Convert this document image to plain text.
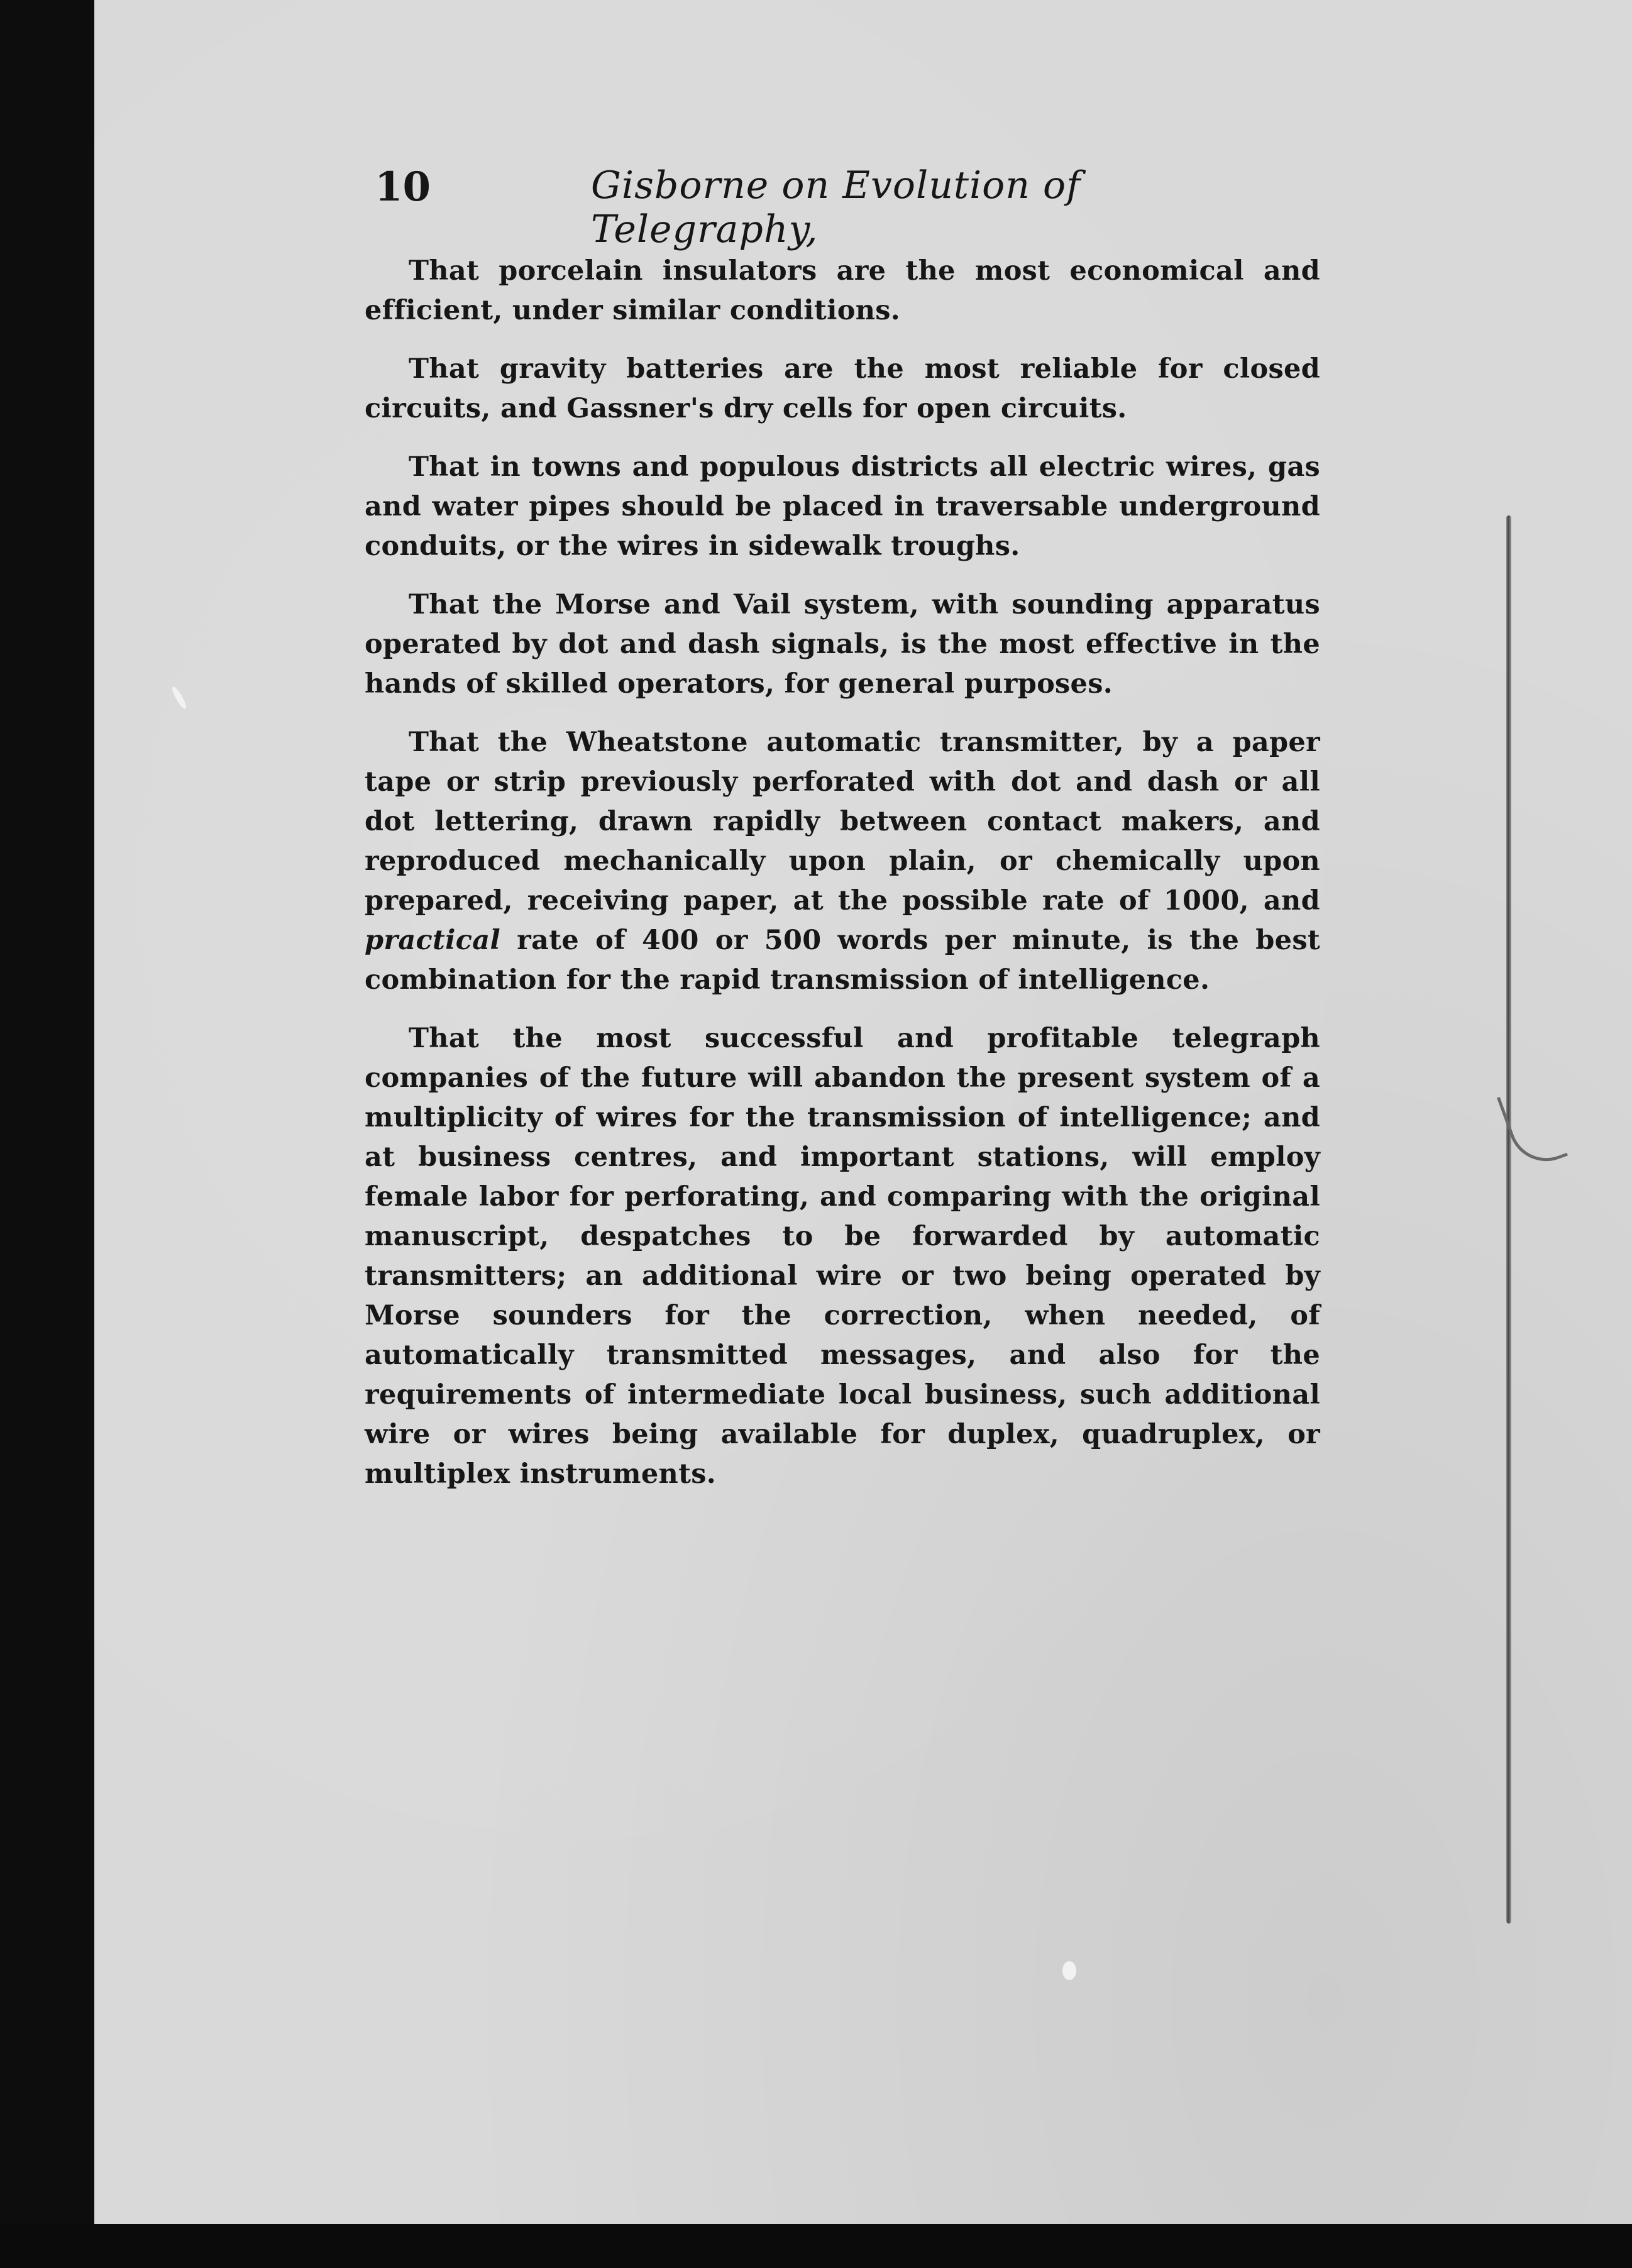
10	Gisborne on Evolution of Telegraphy,

That porcelain insulators are the most economical and efficient, under similar conditions.

That gravity batteries are the most reliable for closed circuits, and Gassner's dry cells for open circuits.

That in towns and populous districts all electric wires, gas and water pipes should be placed in traversable underground conduits, or the wires in sidewalk troughs.

That the Morse and Vail system, with sounding apparatus operated by dot and dash signals, is the most effective in the hands of skilled operators, for general purposes.

That the Wheatstone automatic transmitter, by a paper tape or strip previously perforated with dot and dash or all dot lettering, drawn rapidly between contact makers, and reproduced mechanically upon plain, or chemically upon prepared, receiving paper, at the possible rate of 1000, and practical rate of 400 or 500 words per minute, is the best combination for the rapid transmission of intelligence.

That the most successful and profitable telegraph companies of the future will abandon the present system of a multiplicity of wires for the transmission of intelligence; and at business centres, and important stations, will employ female labor for perforating, and comparing with the original manuscript, despatches to be forwarded by automatic transmitters; an additional wire or two being operated by Morse sounders for the correction, when needed, of automatically transmitted messages, and also for the requirements of intermediate local business, such additional wire or wires being available for duplex, quadruplex, or multiplex instruments.
